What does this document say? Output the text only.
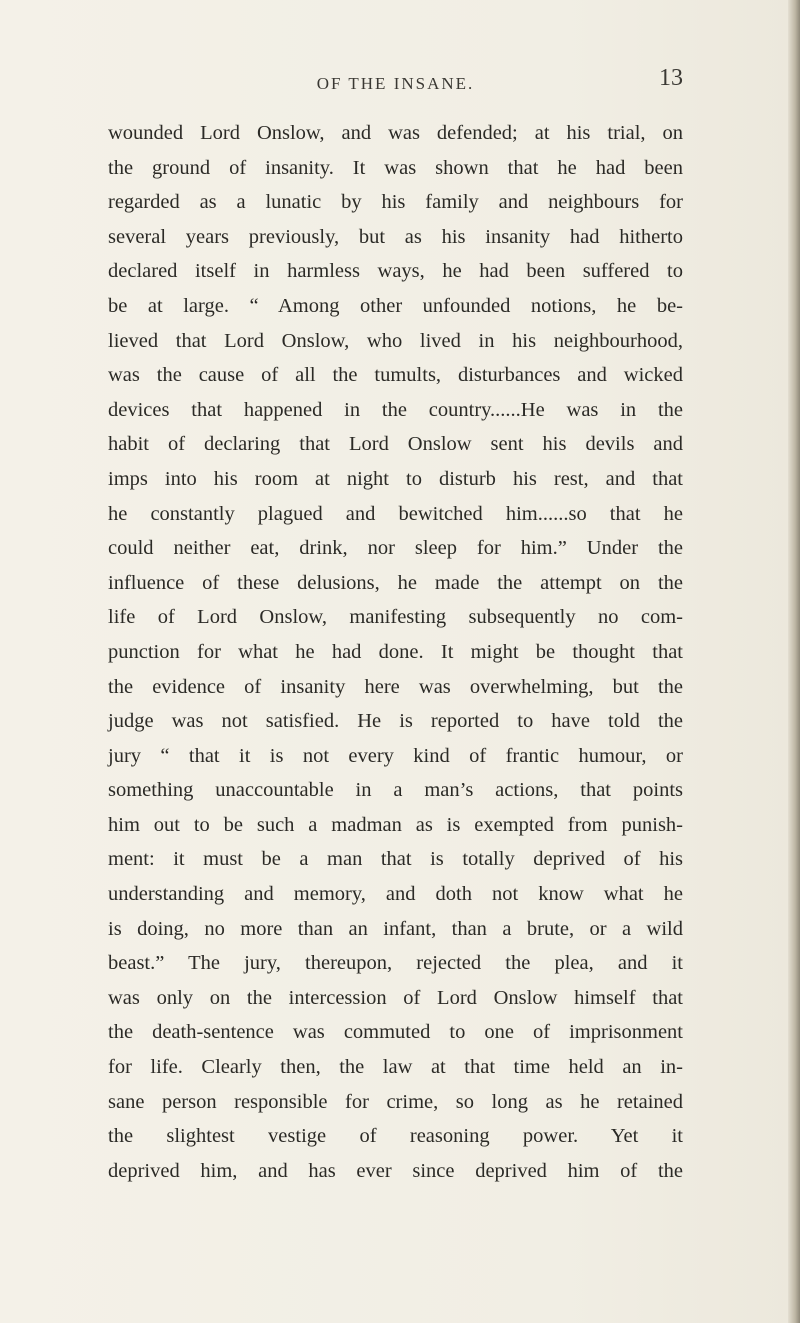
OF THE INSANE.	13
wounded Lord Onslow, and was defended; at his trial, on
the ground of insanity. It was shown that he had been
regarded as a lunatic by his family and neighbours for
several years previously, but as his insanity had hitherto
declared itself in harmless ways, he had been suffered to
be at large. “ Among other unfounded notions, he be-
lieved that Lord Onslow, who lived in his neighbourhood,
was the cause of all the tumults, disturbances and wicked
devices that happened in the country......He was in the
habit of declaring that Lord Onslow sent his devils and
imps into his room at night to disturb his rest, and that
he constantly plagued and bewitched him......so that he
could neither eat, drink, nor sleep for him.” Under the
influence of these delusions, he made the attempt on the
life of Lord Onslow, manifesting subsequently no com-
punction for what he had done. It might be thought that
the evidence of insanity here was overwhelming, but the
judge was not satisfied. He is reported to have told the
jury “ that it is not every kind of frantic humour, or
something unaccountable in a man’s actions, that points
him out to be such a madman as is exempted from punish-
ment: it must be a man that is totally deprived of his
understanding and memory, and doth not know what he
is doing, no more than an infant, than a brute, or a wild
beast.” The jury, thereupon, rejected the plea, and it
was only on the intercession of Lord Onslow himself that
the death-sentence was commuted to one of imprisonment
for life. Clearly then, the law at that time held an in-
sane person responsible for crime, so long as he retained
the slightest vestige of reasoning power. Yet it
deprived him, and has ever since deprived him of the
